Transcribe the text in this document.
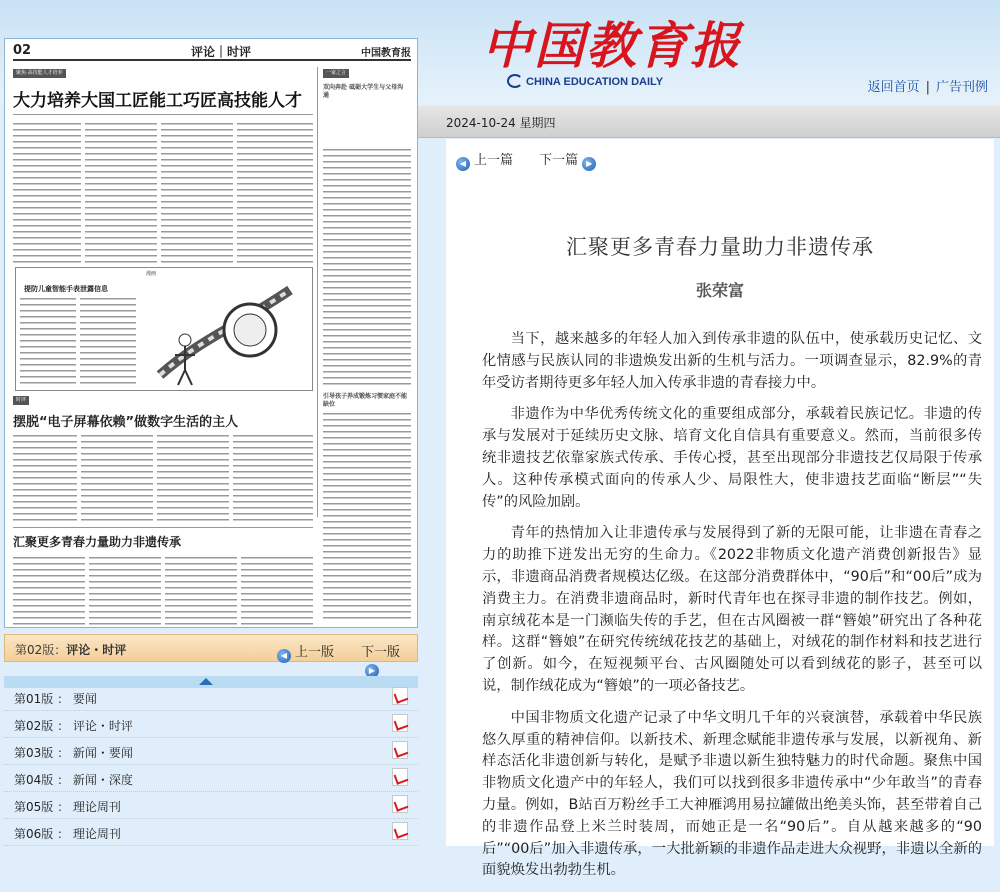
中国教育报
CHINA EDUCATION DAILY	返回首页 | 广告刊例
02	评论｜时评	中国教育报
聚焦·高技能人才培养
大力培养大国工匠能工巧匠高技能人才
一家之言
双向奔赴 砥砺大学生与父母沟通
漫画
提防儿童智能手表泄露信息
时评
摆脱“电子屏幕依赖”做数字生活的主人
引导孩子养成锻炼习惯家庭不能缺位
汇聚更多青春力量助力非遗传承
第02版：评论・时评	◀ 上一版 下一版▶
第01版 ： 要闻
第02版 ： 评论・时评
第03版 ： 新闻・要闻
第04版 ： 新闻・深度
第05版 ： 理论周刊
第06版 ： 理论周刊
2024-10-24 星期四
◀ 上一篇 下一篇 ▶
汇聚更多青春力量助力非遗传承
张荣富

当下，越来越多的年轻人加入到传承非遗的队伍中，使承载历史记忆、文化情感与民族认同的非遗焕发出新的生机与活力。一项调查显示，82.9%的青年受访者期待更多年轻人加入传承非遗的青春接力中。

非遗作为中华优秀传统文化的重要组成部分，承载着民族记忆。非遗的传承与发展对于延续历史文脉、培育文化自信具有重要意义。然而，当前很多传统非遗技艺依靠家族式传承、手传心授，甚至出现部分非遗技艺仅局限于传承人。这种传承模式面向的传承人少、局限性大，使非遗技艺面临“断层”“失传”的风险加剧。

青年的热情加入让非遗传承与发展得到了新的无限可能，让非遗在青春之力的助推下迸发出无穷的生命力。《2022非物质文化遗产消费创新报告》显示，非遗商品消费者规模达亿级。在这部分消费群体中，“90后”和“00后”成为消费主力。在消费非遗商品时，新时代青年也在探寻非遗的制作技艺。例如，南京绒花本是一门濒临失传的手艺，但在古风圈被一群“簪娘”研究出了各种花样。这群“簪娘”在研究传统绒花技艺的基础上，对绒花的制作材料和技艺进行了创新。如今，在短视频平台、古风圈随处可以看到绒花的影子，甚至可以说，制作绒花成为“簪娘”的一项必备技艺。

中国非物质文化遗产记录了中华文明几千年的兴衰演替，承载着中华民族悠久厚重的精神信仰。以新技术、新理念赋能非遗传承与发展，以新视角、新样态活化非遗创新与转化，是赋予非遗以新生独特魅力的时代命题。聚焦中国非物质文化遗产中的年轻人，我们可以找到很多非遗传承中“少年敢当”的青春力量。例如，B站百万粉丝手工大神雁鸿用易拉罐做出绝美头饰，甚至带着自己的非遗作品登上米兰时装周，而她正是一名“90后”。自从越来越多的“90后”“00后”加入非遗传承，一大批新颖的非遗作品走进大众视野，非遗以全新的面貌焕发出勃勃生机。
